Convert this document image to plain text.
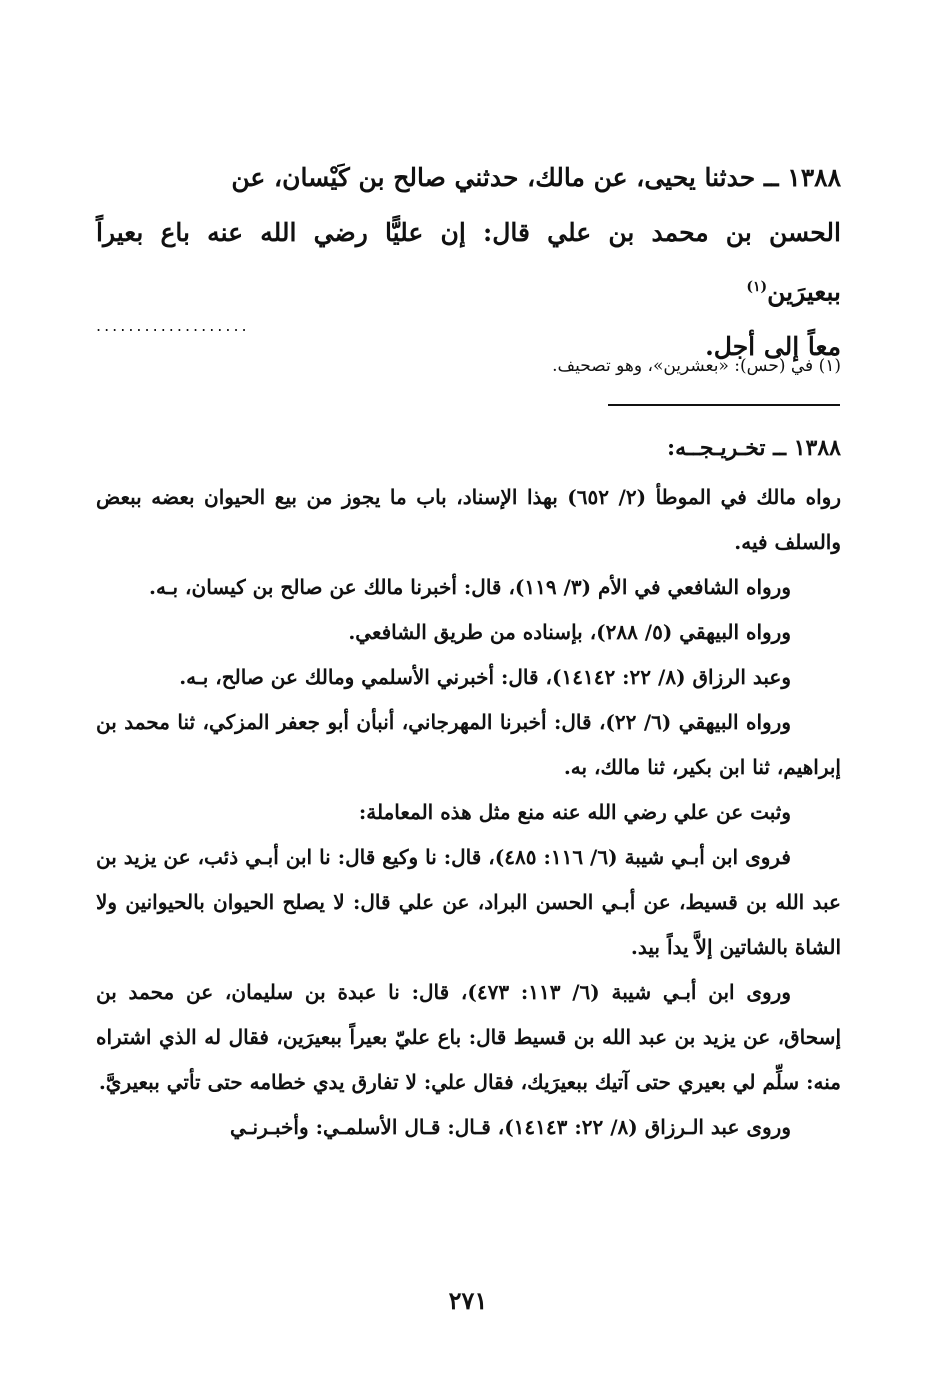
١٣٨٨ ــ حدثنا يحيى، عن مالك، حدثني صالح بن كَيْسان، عن

الحسن بن محمد بن علي قال: إن عليًّا رضي الله عنه باع بعيراً ببعيرَين$^{(١)}$

معاً إلى أجل.

...................
(١) في (حس): «بعشرين»، وهو تصحيف.
١٣٨٨ ــ تخـريـجــه:

رواه مالك في الموطأ (٢/ ٦٥٢) بهذا الإسناد، باب ما يجوز من بيع الحيوان بعضه ببعض والسلف فيه.

ورواه الشافعي في الأم (٣/ ١١٩)، قال: أخبرنا مالك عن صالح بن كيسان، بـه.

ورواه البيهقي (٥/ ٢٨٨)، بإسناده من طريق الشافعي.

وعبد الرزاق (٨/ ٢٢: ١٤١٤٢)، قال: أخبرني الأسلمي ومالك عن صالح، بـه.

ورواه البيهقي (٦/ ٢٢)، قال: أخبرنا المهرجاني، أنبأن أبو جعفر المزكي، ثنا محمد بن إبراهيم، ثنا ابن بكير، ثنا مالك، به.

وثبت عن علي رضي الله عنه منع مثل هذه المعاملة:

فروى ابن أبـي شيبة (٦/ ١١٦: ٤٨٥)، قال: نا وكيع قال: نا ابن أبـي ذئب، عن يزيد بن عبد الله بن قسيط، عن أبـي الحسن البراد، عن علي قال: لا يصلح الحيوان بالحيوانين ولا الشاة بالشاتين إلاَّ يداً بيد.

وروى ابن أبـي شيبة (٦/ ١١٣: ٤٧٣)، قال: نا عبدة بن سليمان، عن محمد بن إسحاق، عن يزيد بن عبد الله بن قسيط قال: باع عليّ بعيراً ببعيرَين، فقال له الذي اشتراه منه: سلِّم لي بعيري حتى آتيك ببعيرَيك، فقال علي: لا تفارق يدي خطامه حتى تأتي ببعيريَّ.

وروى عبد الـرزاق (٨/ ٢٢: ١٤١٤٣)، قـال: قـال الأسلمـي: وأخبـرنـي

٢٧١
